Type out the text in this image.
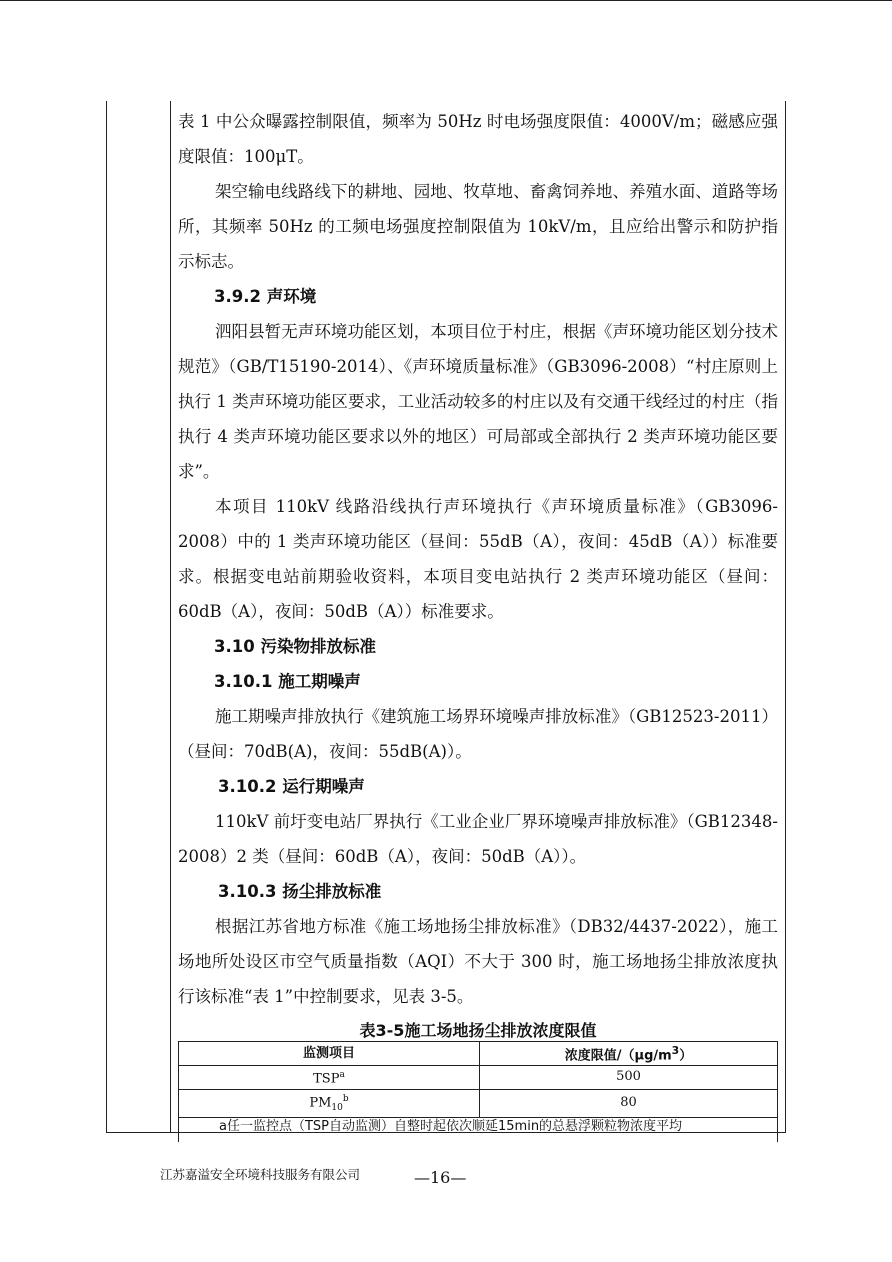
表 1 中公众曝露控制限值，频率为 50Hz 时电场强度限值：4000V/m；磁感应强度限值：100μT。

架空输电线路线下的耕地、园地、牧草地、畜禽饲养地、养殖水面、道路等场所，其频率 50Hz 的工频电场强度控制限值为 10kV/m，且应给出警示和防护指示标志。

3.9.2 声环境

泗阳县暂无声环境功能区划，本项目位于村庄，根据《声环境功能区划分技术规范》（GB/T15190-2014）、《声环境质量标准》（GB3096-2008）“村庄原则上执行 1 类声环境功能区要求，工业活动较多的村庄以及有交通干线经过的村庄（指执行 4 类声环境功能区要求以外的地区）可局部或全部执行 2 类声环境功能区要求”。

本项目 110kV 线路沿线执行声环境执行《声环境质量标准》（GB3096-2008）中的 1 类声环境功能区（昼间：55dB（A），夜间：45dB（A））标准要求。根据变电站前期验收资料，本项目变电站执行 2 类声环境功能区（昼间：60dB（A），夜间：50dB（A））标准要求。

3.10 污染物排放标准

3.10.1 施工期噪声

施工期噪声排放执行《建筑施工场界环境噪声排放标准》（GB12523-2011）（昼间：70dB(A)，夜间：55dB(A)）。

3.10.2 运行期噪声

110kV 前圩变电站厂界执行《工业企业厂界环境噪声排放标准》（GB12348-2008）2 类（昼间：60dB（A），夜间：50dB（A））。

3.10.3 扬尘排放标准

根据江苏省地方标准《施工场地扬尘排放标准》（DB32/4437-2022），施工场地所处设区市空气质量指数（AQI）不大于 300 时，施工场地扬尘排放浓度执行该标准“表 1”中控制要求，见表 3-5。

表3-5施工场地扬尘排放浓度限值
监测项目	浓度限值$/(\mu g/m^3)$
TSP$^a$	500
$PM_{10}^b$	80
a任一监控点（TSP自动监测）自整时起依次顺延15min的总悬浮颗粒物浓度平均	
江苏嘉溢安全环境科技服务有限公司	—16—
